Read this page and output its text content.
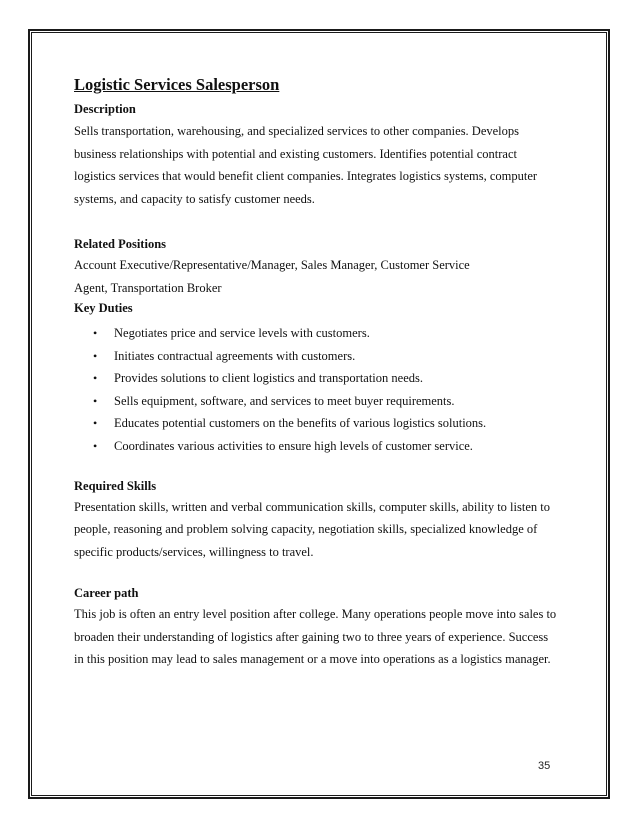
Logistic Services Salesperson
Description

Sells transportation, warehousing, and specialized services to other companies. Develops

business relationships with potential and existing customers. Identifies potential contract

logistics services that would benefit client companies. Integrates logistics systems, computer

systems, and capacity to satisfy customer needs.

Related Positions

Account Executive/Representative/Manager, Sales Manager, Customer Service

Agent, Transportation Broker

Key Duties
• Negotiates price and service levels with customers.
• Initiates contractual agreements with customers.
• Provides solutions to client logistics and transportation needs.
• Sells equipment, software, and services to meet buyer requirements.
• Educates potential customers on the benefits of various logistics solutions.
• Coordinates various activities to ensure high levels of customer service.
Required Skills

Presentation skills, written and verbal communication skills, computer skills, ability to listen to

people, reasoning and problem solving capacity, negotiation skills, specialized knowledge of

specific products/services, willingness to travel.

Career path

This job is often an entry level position after college. Many operations people move into sales to

broaden their understanding of logistics after gaining two to three years of experience. Success

in this position may lead to sales management or a move into operations as a logistics manager.

35
